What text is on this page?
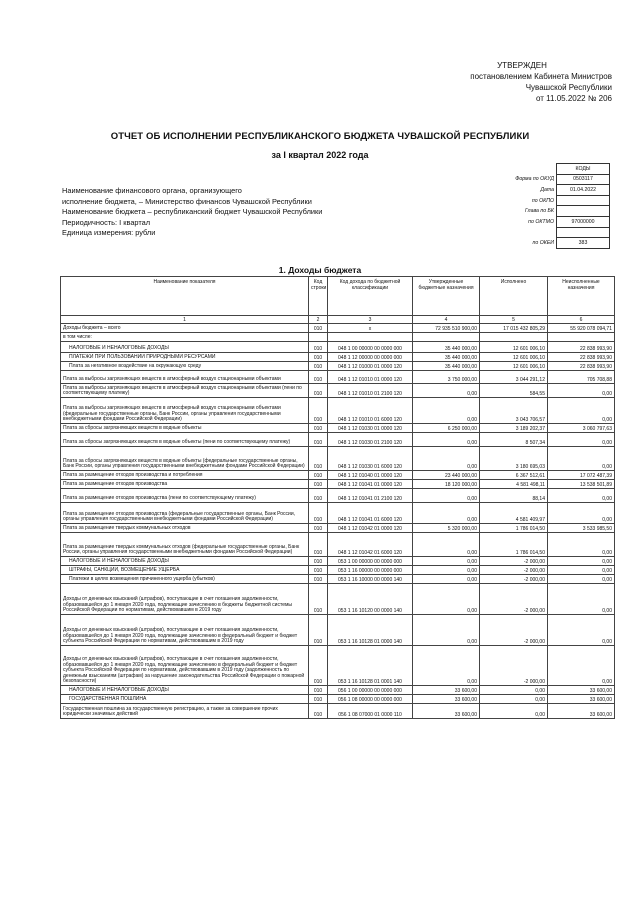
УТВЕРЖДЕН
постановлением Кабинета Министров
Чувашской Республики
от 11.05.2022 № 206
ОТЧЕТ ОБ ИСПОЛНЕНИИ РЕСПУБЛИКАНСКОГО БЮДЖЕТА ЧУВАШСКОЙ РЕСПУБЛИКИ
за I квартал 2022 года
	КОДЫ
Форма по ОКУД	0503117
Дата	01.04.2022
по ОКПО	
Глава по БК	
по ОКТМО	97000000

по ОКЕИ	383
Наименование финансового органа, организующего
исполнение бюджета, – Министерство финансов Чувашской Республики
Наименование бюджета – республиканский бюджет Чувашской Республики
Периодичность: I квартал
Единица измерения: рубли
1. Доходы бюджета
Наименование показателя	Код строки	Код дохода по бюджетной классификации	Утвержденные бюджетные назначения	Исполнено	Неисполненные назначения
1	2	3	4	5	6
Доходы бюджета – всего	010	x	72 935 510 900,00	17 015 432 805,29	55 920 078 094,71
в том числе:					
НАЛОГОВЫЕ И НЕНАЛОГОВЫЕ ДОХОДЫ	010	048 1 00 00000 00 0000 000	35 440 000,00	12 601 006,10	22 838 993,90
ПЛАТЕЖИ ПРИ ПОЛЬЗОВАНИИ ПРИРОДНЫМИ РЕСУРСАМИ	010	048 1 12 00000 00 0000 000	35 440 000,00	12 601 006,10	22 838 993,90
Плата за негативное воздействие на окружающую среду	010	048 1 12 01000 01 0000 120	35 440 000,00	12 601 006,10	22 838 993,90
Плата за выбросы загрязняющих веществ в атмосферный воздух стационарными объектами	010	048 1 12 01010 01 0000 120	3 750 000,00	3 044 291,12	705 708,88
Плата за выбросы загрязняющих веществ в атмосферный воздух стационарными объектами (пени по соответствующему платежу)	010	048 1 12 01010 01 2100 120	0,00	584,55	0,00
Плата за выбросы загрязняющих веществ в атмосферный воздух стационарными объектами (федеральные государственные органы, Банк России, органы управления государственными внебюджетными фондами Российской Федерации)	010	048 1 12 01010 01 6000 120	0,00	3 043 706,57	0,00
Плата за сбросы загрязняющих веществ в водные объекты	010	048 1 12 01030 01 0000 120	6 250 000,00	3 189 202,37	3 060 797,63
Плата за сбросы загрязняющих веществ в водные объекты (пени по соответствующему платежу)	010	048 1 12 01030 01 2100 120	0,00	8 507,34	0,00
Плата за сбросы загрязняющих веществ в водные объекты (федеральные государственные органы, Банк России, органы управления государственными внебюджетными фондами Российской Федерации)	010	048 1 12 01030 01 6000 120	0,00	3 180 695,03	0,00
Плата за размещение отходов производства и потребления	010	048 1 12 01040 01 0000 120	23 440 000,00	6 367 512,61	17 072 487,39
Плата за размещение отходов производства	010	048 1 12 01041 01 0000 120	18 120 000,00	4 581 498,11	13 538 501,89
Плата за размещение отходов производства (пени по соответствующему платежу)	010	048 1 12 01041 01 2100 120	0,00	88,14	0,00
Плата за размещение отходов производства (федеральные государственные органы, Банк России, органы управления государственными внебюджетными фондами Российской Федерации)	010	048 1 12 01041 01 6000 120	0,00	4 581 409,97	0,00
Плата за размещение твердых коммунальных отходов	010	048 1 12 01042 01 0000 120	5 320 000,00	1 786 014,50	3 533 985,50
Плата за размещение твердых коммунальных отходов (федеральные государственные органы, Банк России, органы управления государственными внебюджетными фондами Российской Федерации)	010	048 1 12 01042 01 6000 120	0,00	1 786 014,50	0,00
НАЛОГОВЫЕ И НЕНАЛОГОВЫЕ ДОХОДЫ	010	053 1 00 00000 00 0000 000	0,00	-2 000,00	0,00
ШТРАФЫ, САНКЦИИ, ВОЗМЕЩЕНИЕ УЩЕРБА	010	053 1 16 00000 00 0000 000	0,00	-2 000,00	0,00
Платежи в целях возмещения причиненного ущерба (убытков)	010	053 1 16 10000 00 0000 140	0,00	-2 000,00	0,00
Доходы от денежных взысканий (штрафов), поступающие в счет погашения задолженности, образовавшейся до 1 января 2020 года, подлежащие зачислению в бюджеты бюджетной системы Российской Федерации по нормативам, действовавшим в 2019 году	010	053 1 16 10120 00 0000 140	0,00	-2 000,00	0,00
Доходы от денежных взысканий (штрафов), поступающие в счет погашения задолженности, образовавшейся до 1 января 2020 года, подлежащие зачислению в федеральный бюджет и бюджет субъекта Российской Федерации по нормативам, действовавшим в 2019 году	010	053 1 16 10128 01 0000 140	0,00	-2 000,00	0,00
Доходы от денежных взысканий (штрафов), поступающие в счет погашения задолженности, образовавшейся до 1 января 2020 года, подлежащие зачислению в федеральный бюджет и бюджет субъекта Российской Федерации по нормативам, действовавшим в 2019 году (задолженность по денежным взысканиям (штрафам) за нарушение законодательства Российской Федерации о пожарной безопасности)	010	053 1 16 10128 01 0001 140	0,00	-2 000,00	0,00
НАЛОГОВЫЕ И НЕНАЛОГОВЫЕ ДОХОДЫ	010	056 1 00 00000 00 0000 000	33 600,00	0,00	33 600,00
ГОСУДАРСТВЕННАЯ ПОШЛИНА	010	056 1 08 00000 00 0000 000	33 600,00	0,00	33 600,00
Государственная пошлина за государственную регистрацию, а также за совершение прочих юридически значимых действий	010	056 1 08 07000 01 0000 110	33 600,00	0,00	33 600,00
